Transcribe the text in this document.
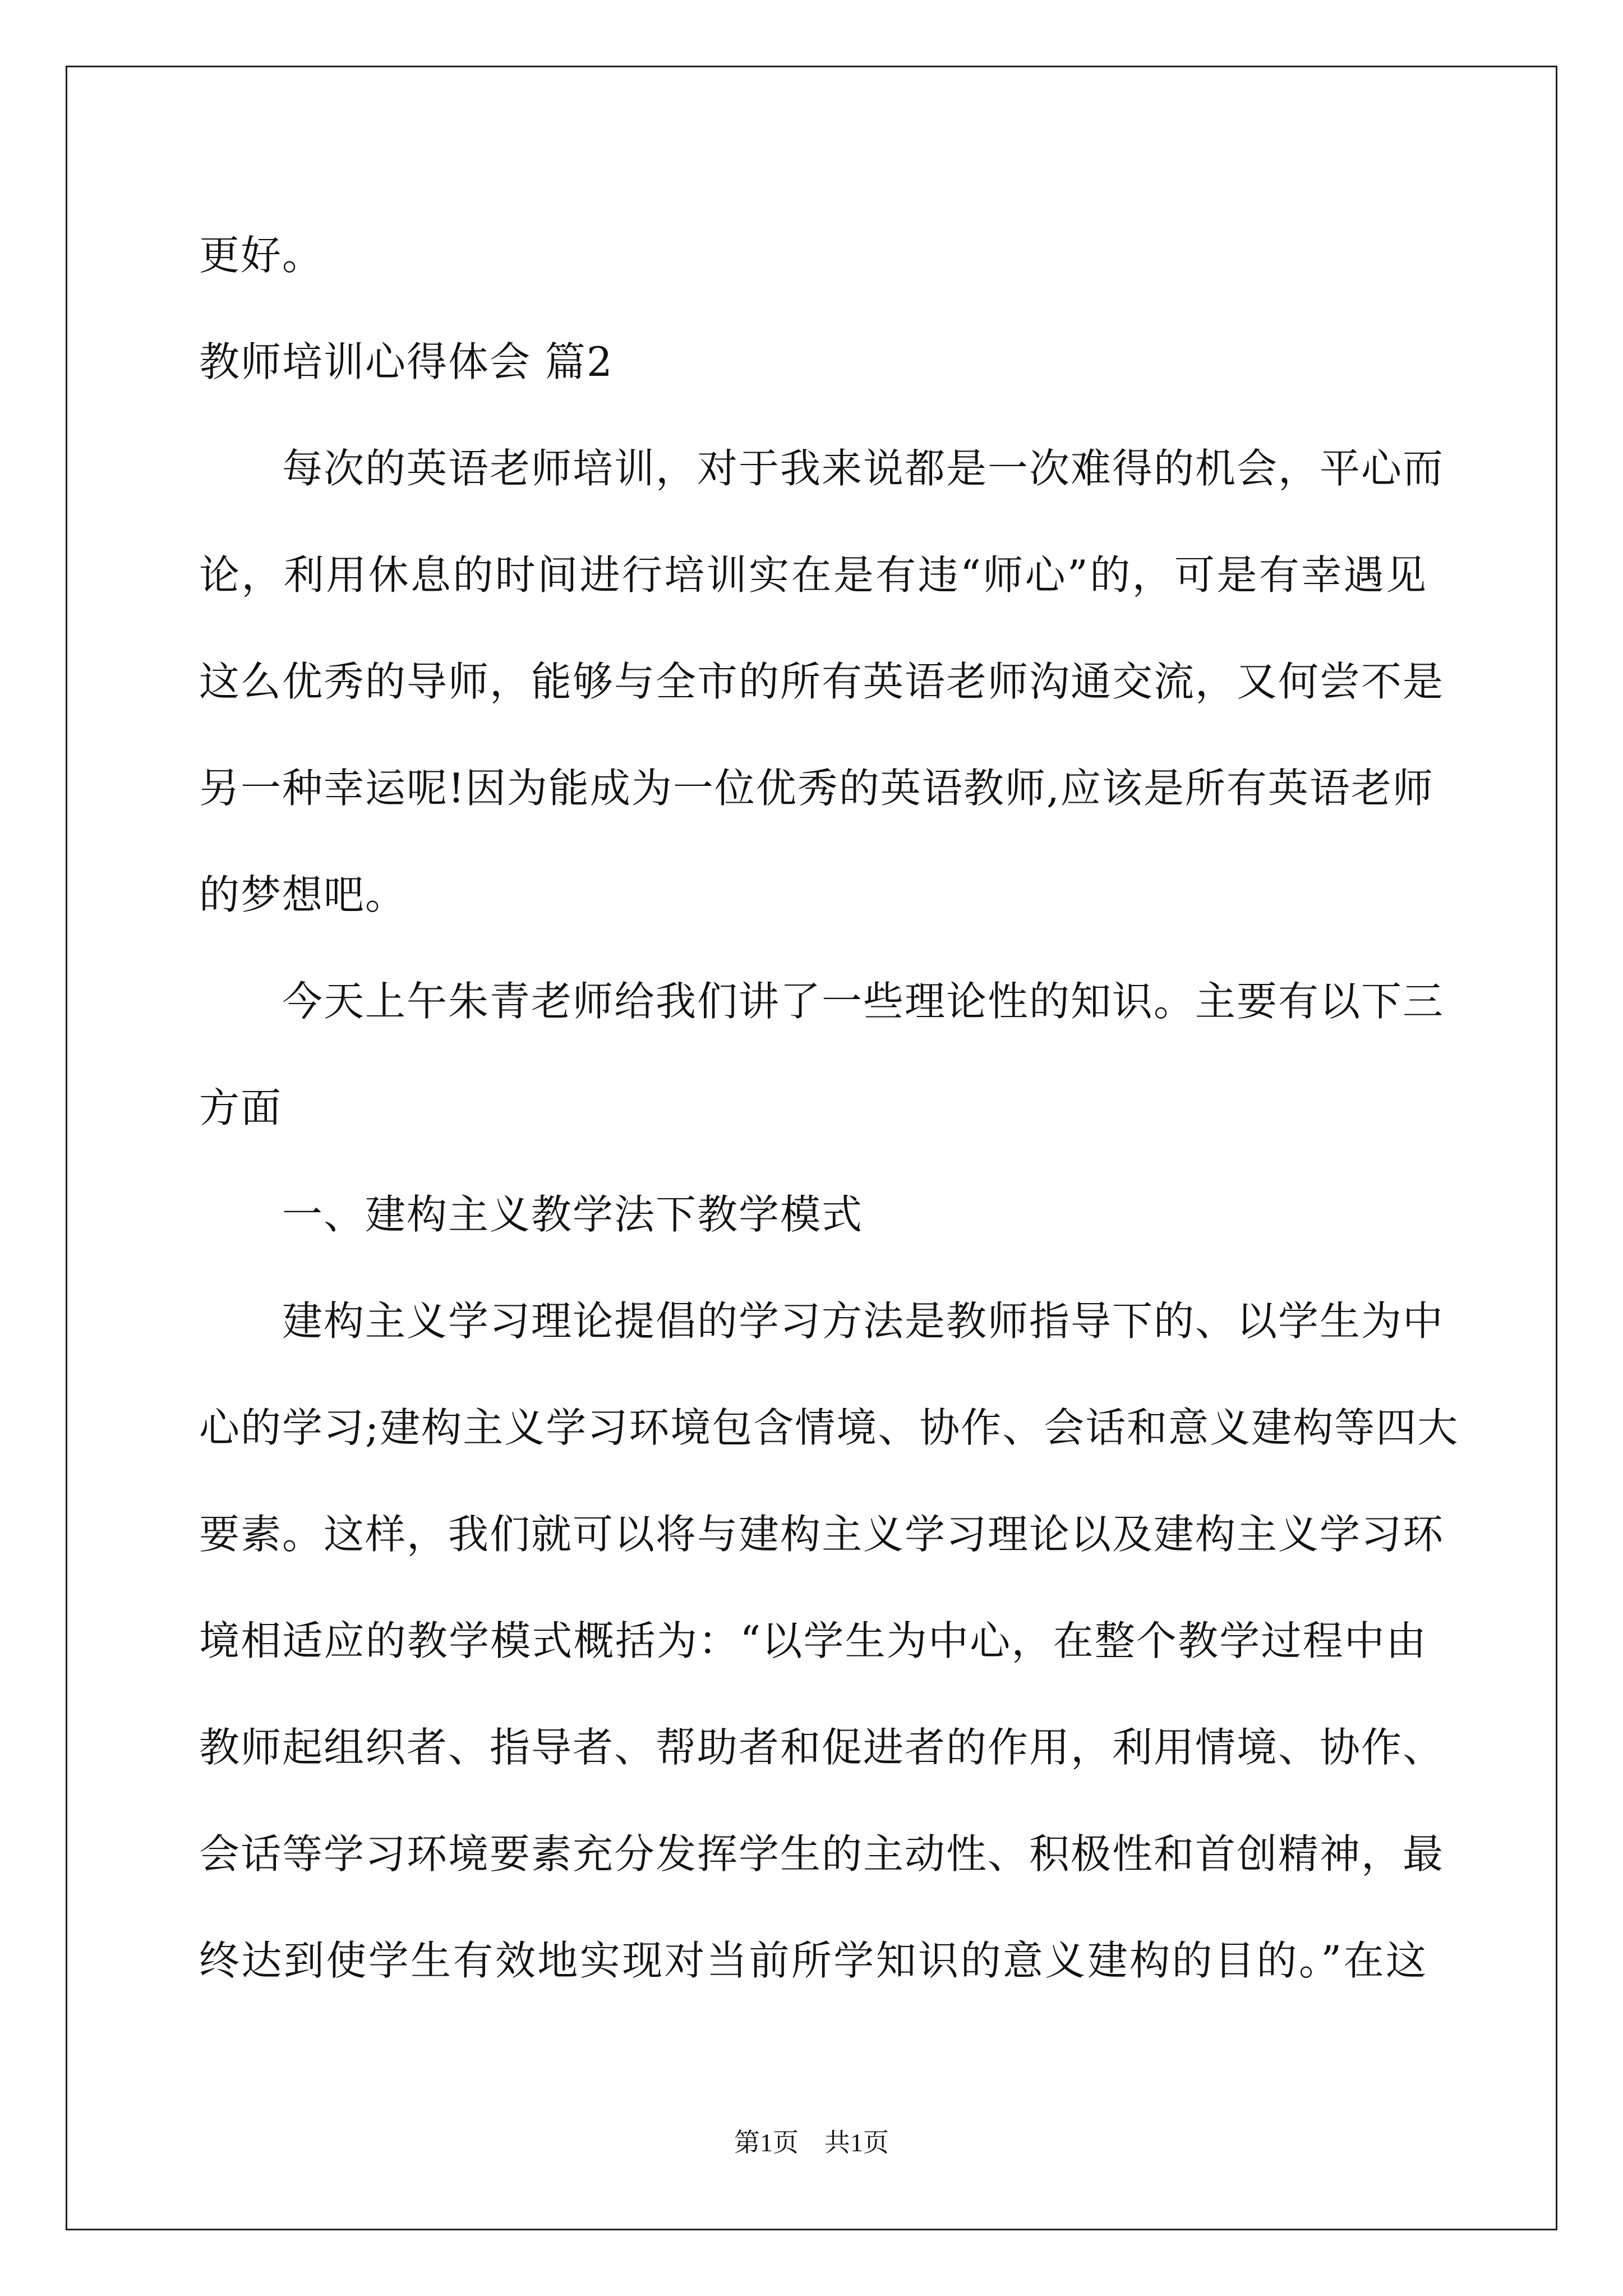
更好。
教师培训心得体会 篇2
每次的英语老师培训，对于我来说都是一次难得的机会，平心而
论，利用休息的时间进行培训实在是有违“师心”的，可是有幸遇见
这么优秀的导师，能够与全市的所有英语老师沟通交流，又何尝不是
另一种幸运呢!因为能成为一位优秀的英语教师,应该是所有英语老师
的梦想吧。
今天上午朱青老师给我们讲了一些理论性的知识。主要有以下三
方面
一、建构主义教学法下教学模式
建构主义学习理论提倡的学习方法是教师指导下的、以学生为中
心的学习;建构主义学习环境包含情境、协作、会话和意义建构等四大
要素。这样，我们就可以将与建构主义学习理论以及建构主义学习环
境相适应的教学模式概括为：“以学生为中心，在整个教学过程中由
教师起组织者、指导者、帮助者和促进者的作用，利用情境、协作、
会话等学习环境要素充分发挥学生的主动性、积极性和首创精神，最
终达到使学生有效地实现对当前所学知识的意义建构的目的。”在这
第1页　共1页
